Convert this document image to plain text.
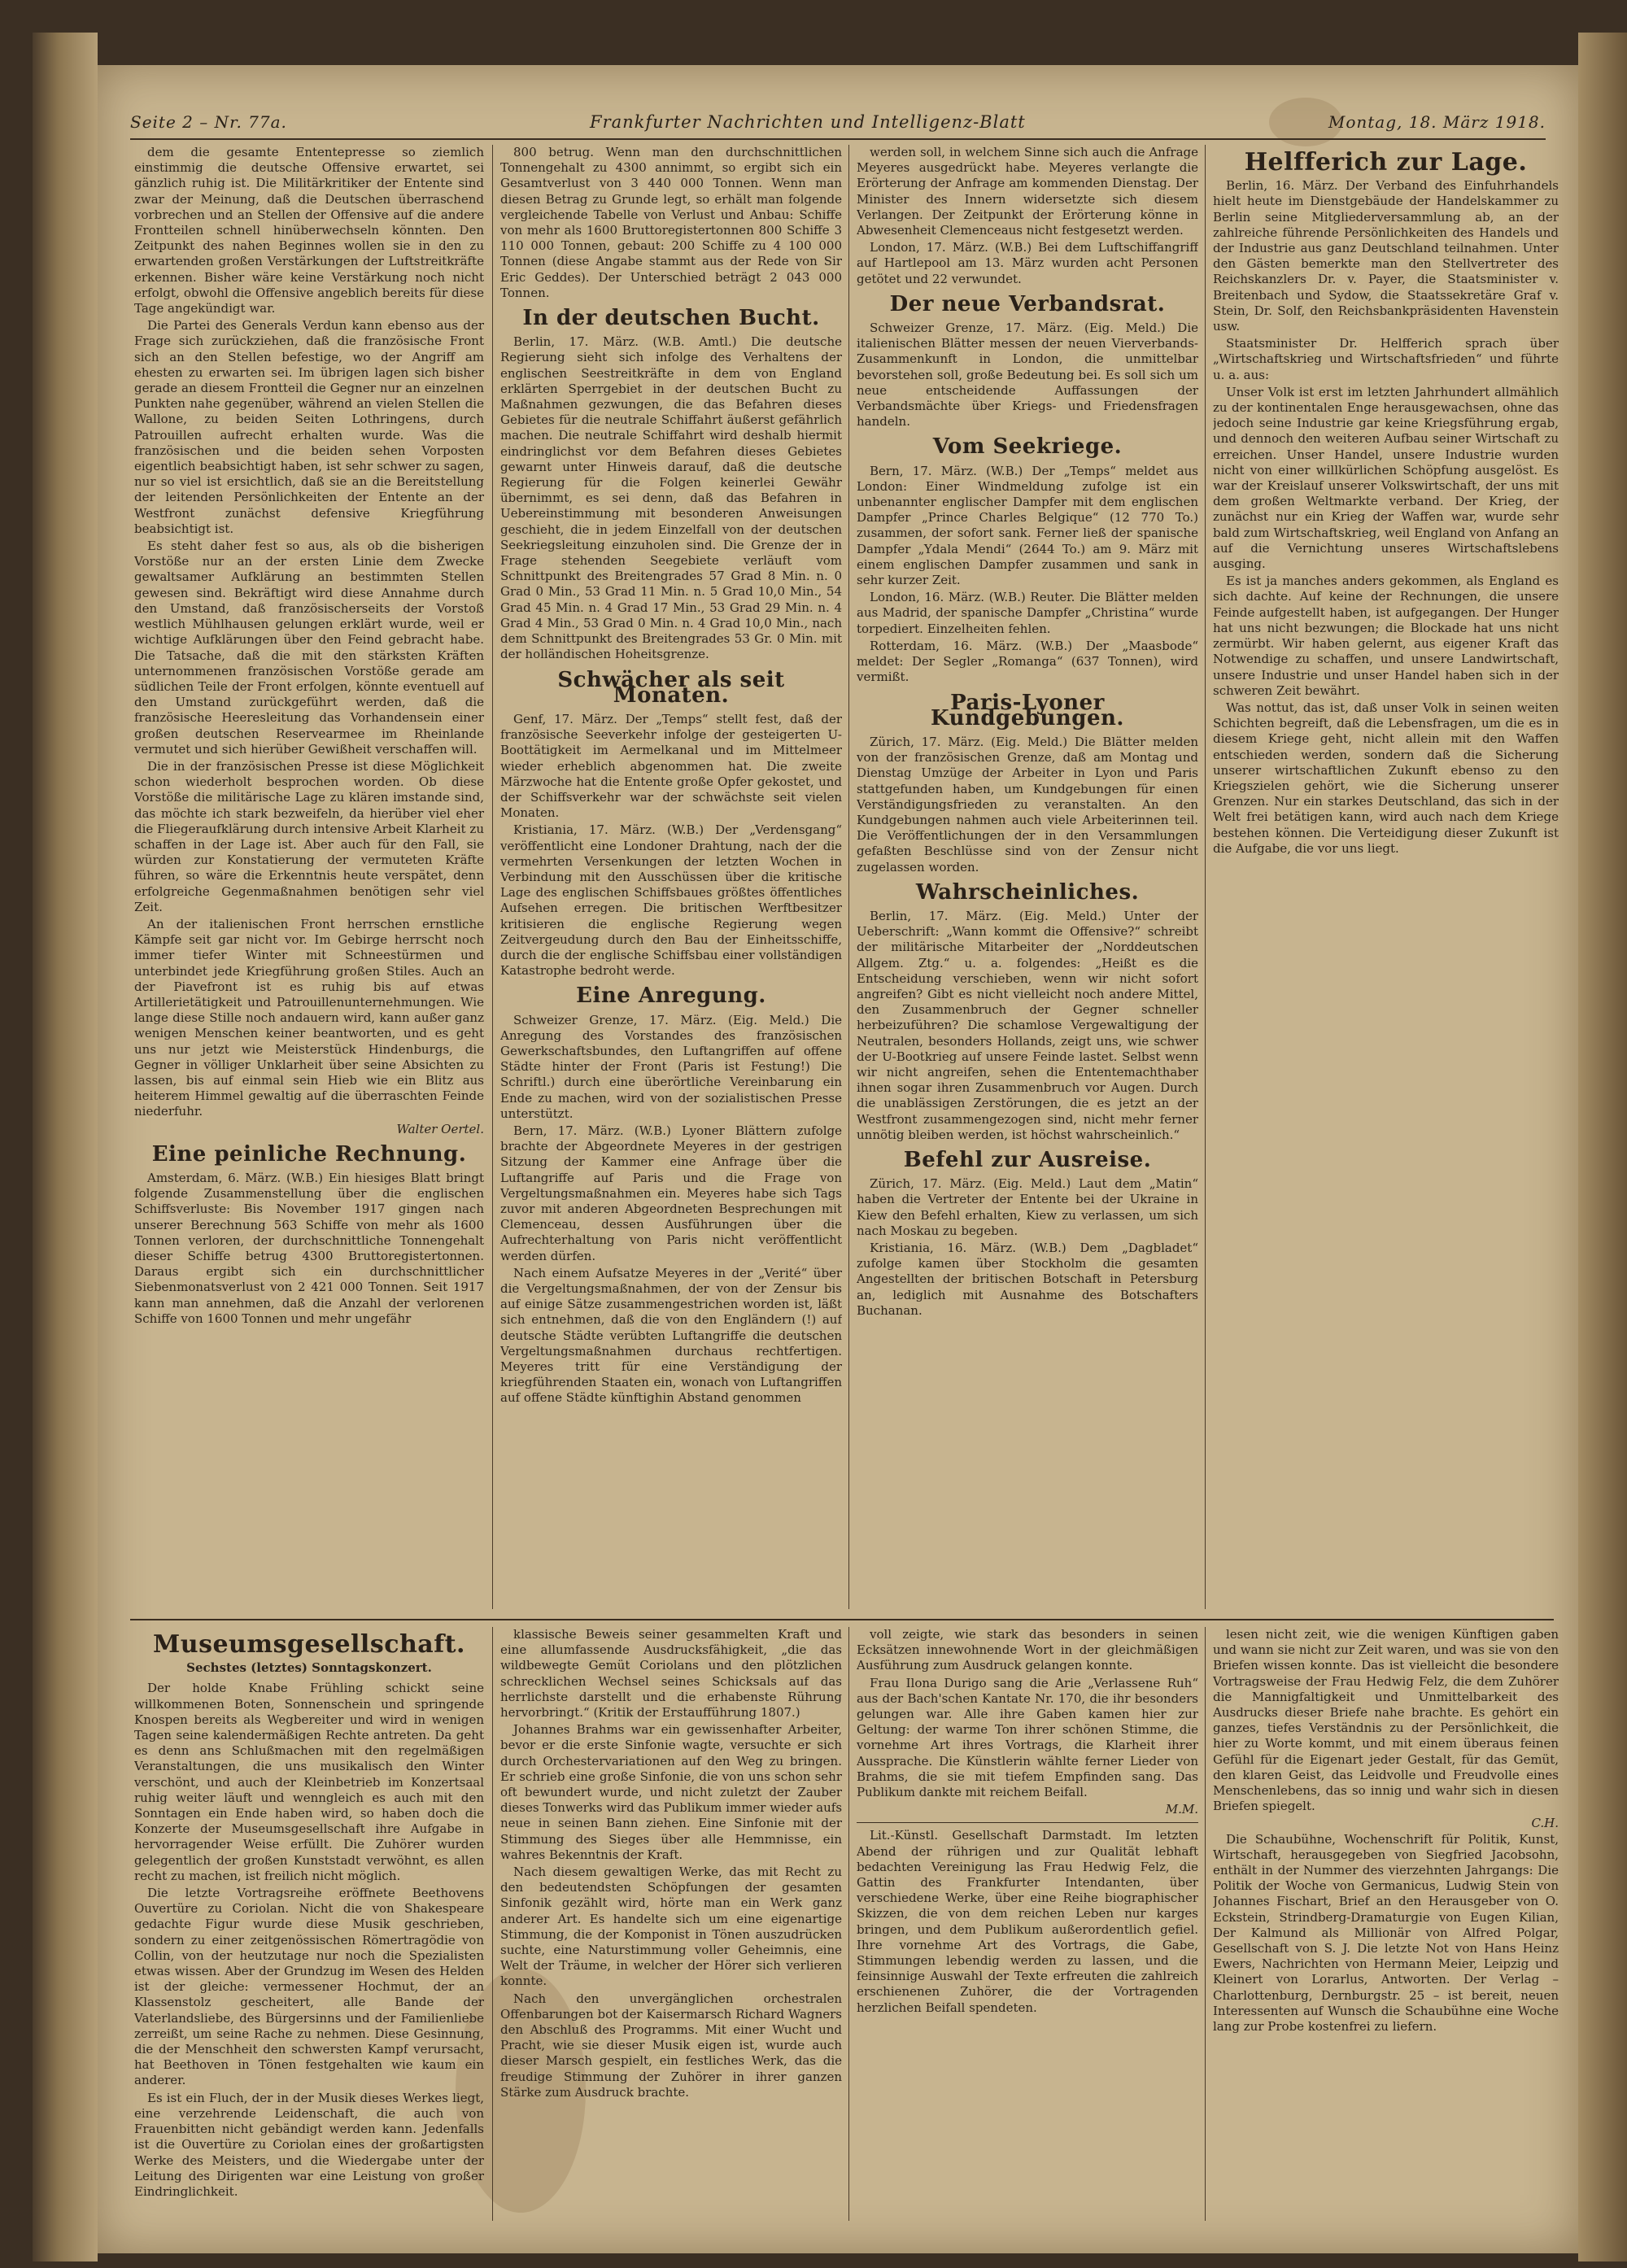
Seite 2 – Nr. 77a.	Frankfurter Nachrichten und Intelligenz-Blatt	Montag, 18. März 1918.

dem die gesamte Ententepresse so ziemlich einstimmig die deutsche Offensive erwartet, sei gänzlich ruhig ist. Die Militärkritiker der Entente sind zwar der Meinung, daß die Deutschen überraschend vorbrechen und an Stellen der Offensive auf die andere Frontteilen schnell hinüberwechseln könnten. Den Zeitpunkt des nahen Beginnes wollen sie in den zu erwartenden großen Verstärkungen der Luftstreitkräfte erkennen. Bisher wäre keine Verstärkung noch nicht erfolgt, obwohl die Offensive angeblich bereits für diese Tage angekündigt war.

Die Partei des Generals Verdun kann ebenso aus der Frage sich zurückziehen, daß die französische Front sich an den Stellen befestige, wo der Angriff am ehesten zu erwarten sei. Im übrigen lagen sich bisher gerade an diesem Frontteil die Gegner nur an einzelnen Punkten nahe gegenüber, während an vielen Stellen die Wallone, zu beiden Seiten Lothringens, durch Patrouillen aufrecht erhalten wurde. Was die französischen und die beiden sehen Vorposten eigentlich beabsichtigt haben, ist sehr schwer zu sagen, nur so viel ist ersichtlich, daß sie an die Bereitstellung der leitenden Persönlichkeiten der Entente an der Westfront zunächst defensive Kriegführung beabsichtigt ist.

Es steht daher fest so aus, als ob die bisherigen Vorstöße nur an der ersten Linie dem Zwecke gewaltsamer Aufklärung an bestimmten Stellen gewesen sind. Bekräftigt wird diese Annahme durch den Umstand, daß französischerseits der Vorstoß westlich Mühlhausen gelungen erklärt wurde, weil er wichtige Aufklärungen über den Feind gebracht habe. Die Tatsache, daß die mit den stärksten Kräften unternommenen französischen Vorstöße gerade am südlichen Teile der Front erfolgen, könnte eventuell auf den Umstand zurückgeführt werden, daß die französische Heeresleitung das Vorhandensein einer großen deutschen Reservearmee im Rheinlande vermutet und sich hierüber Gewißheit verschaffen will.

Die in der französischen Presse ist diese Möglichkeit schon wiederholt besprochen worden. Ob diese Vorstöße die militärische Lage zu klären imstande sind, das möchte ich stark bezweifeln, da hierüber viel eher die Fliegeraufklärung durch intensive Arbeit Klarheit zu schaffen in der Lage ist. Aber auch für den Fall, sie würden zur Konstatierung der vermuteten Kräfte führen, so wäre die Erkenntnis heute verspätet, denn erfolgreiche Gegenmaßnahmen benötigen sehr viel Zeit.

An der italienischen Front herrschen ernstliche Kämpfe seit gar nicht vor. Im Gebirge herrscht noch immer tiefer Winter mit Schneestürmen und unterbindet jede Kriegführung großen Stiles. Auch an der Piavefront ist es ruhig bis auf etwas Artillerietätigkeit und Patrouillenunternehmungen. Wie lange diese Stille noch andauern wird, kann außer ganz wenigen Menschen keiner beantworten, und es geht uns nur jetzt wie Meisterstück Hindenburgs, die Gegner in völliger Unklarheit über seine Absichten zu lassen, bis auf einmal sein Hieb wie ein Blitz aus heiterem Himmel gewaltig auf die überraschten Feinde niederfuhr.

Walter Oertel.
Eine peinliche Rechnung.

Amsterdam, 6. März. (W.B.) Ein hiesiges Blatt bringt folgende Zusammenstellung über die englischen Schiffsverluste: Bis November 1917 gingen nach unserer Berechnung 563 Schiffe von mehr als 1600 Tonnen verloren, der durchschnittliche Tonnengehalt dieser Schiffe betrug 4300 Bruttoregistertonnen. Daraus ergibt sich ein durchschnittlicher Siebenmonatsverlust von 2 421 000 Tonnen. Seit 1917 kann man annehmen, daß die Anzahl der verlorenen Schiffe von 1600 Tonnen und mehr ungefähr

800 betrug. Wenn man den durchschnittlichen Tonnengehalt zu 4300 annimmt, so ergibt sich ein Gesamtverlust von 3 440 000 Tonnen. Wenn man diesen Betrag zu Grunde legt, so erhält man folgende vergleichende Tabelle von Verlust und Anbau: Schiffe von mehr als 1600 Bruttoregistertonnen 800 Schiffe 3 110 000 Tonnen, gebaut: 200 Schiffe zu 4 100 000 Tonnen (diese Angabe stammt aus der Rede von Sir Eric Geddes). Der Unterschied beträgt 2 043 000 Tonnen.

In der deutschen Bucht.

Berlin, 17. März. (W.B. Amtl.) Die deutsche Regierung sieht sich infolge des Verhaltens der englischen Seestreitkräfte in dem von England erklärten Sperrgebiet in der deutschen Bucht zu Maßnahmen gezwungen, die das Befahren dieses Gebietes für die neutrale Schiffahrt äußerst gefährlich machen. Die neutrale Schiffahrt wird deshalb hiermit eindringlichst vor dem Befahren dieses Gebietes gewarnt unter Hinweis darauf, daß die deutsche Regierung für die Folgen keinerlei Gewähr übernimmt, es sei denn, daß das Befahren in Uebereinstimmung mit besonderen Anweisungen geschieht, die in jedem Einzelfall von der deutschen Seekriegsleitung einzuholen sind. Die Grenze der in Frage stehenden Seegebiete verläuft vom Schnittpunkt des Breitengrades 57 Grad 8 Min. n. 0 Grad 0 Min., 53 Grad 11 Min. n. 5 Grad 10,0 Min., 54 Grad 45 Min. n. 4 Grad 17 Min., 53 Grad 29 Min. n. 4 Grad 4 Min., 53 Grad 0 Min. n. 4 Grad 10,0 Min., nach dem Schnittpunkt des Breitengrades 53 Gr. 0 Min. mit der holländischen Hoheitsgrenze.

Schwächer als seit Monaten.

Genf, 17. März. Der „Temps“ stellt fest, daß der französische Seeverkehr infolge der gesteigerten U-Boottätigkeit im Aermelkanal und im Mittelmeer wieder erheblich abgenommen hat. Die zweite Märzwoche hat die Entente große Opfer gekostet, und der Schiffsverkehr war der schwächste seit vielen Monaten.

Kristiania, 17. März. (W.B.) Der „Verdensgang“ veröffentlicht eine Londoner Drahtung, nach der die vermehrten Versenkungen der letzten Wochen in Verbindung mit den Ausschüssen über die kritische Lage des englischen Schiffsbaues größtes öffentliches Aufsehen erregen. Die britischen Werftbesitzer kritisieren die englische Regierung wegen Zeitvergeudung durch den Bau der Einheitsschiffe, durch die der englische Schiffsbau einer vollständigen Katastrophe bedroht werde.

Eine Anregung.

Schweizer Grenze, 17. März. (Eig. Meld.) Die Anregung des Vorstandes des französischen Gewerkschaftsbundes, den Luftangriffen auf offene Städte hinter der Front (Paris ist Festung!) Die Schriftl.) durch eine überörtliche Vereinbarung ein Ende zu machen, wird von der sozialistischen Presse unterstützt.

Bern, 17. März. (W.B.) Lyoner Blättern zufolge brachte der Abgeordnete Meyeres in der gestrigen Sitzung der Kammer eine Anfrage über die Luftangriffe auf Paris und die Frage von Vergeltungsmaßnahmen ein. Meyeres habe sich Tags zuvor mit anderen Abgeordneten Besprechungen mit Clemenceau, dessen Ausführungen über die Aufrechterhaltung von Paris nicht veröffentlicht werden dürfen.

Nach einem Aufsatze Meyeres in der „Verité“ über die Vergeltungsmaßnahmen, der von der Zensur bis auf einige Sätze zusammengestrichen worden ist, läßt sich entnehmen, daß die von den Engländern (!) auf deutsche Städte verübten Luftangriffe die deutschen Vergeltungsmaßnahmen durchaus rechtfertigen. Meyeres tritt für eine Verständigung der kriegführenden Staaten ein, wonach von Luftangriffen auf offene Städte künftighin Abstand genommen

werden soll, in welchem Sinne sich auch die Anfrage Meyeres ausgedrückt habe. Meyeres verlangte die Erörterung der Anfrage am kommenden Dienstag. Der Minister des Innern widersetzte sich diesem Verlangen. Der Zeitpunkt der Erörterung könne in Abwesenheit Clemenceaus nicht festgesetzt werden.

London, 17. März. (W.B.) Bei dem Luftschiffangriff auf Hartlepool am 13. März wurden acht Personen getötet und 22 verwundet.

Der neue Verbandsrat.

Schweizer Grenze, 17. März. (Eig. Meld.) Die italienischen Blätter messen der neuen Vierverbands-Zusammenkunft in London, die unmittelbar bevorstehen soll, große Bedeutung bei. Es soll sich um neue entscheidende Auffassungen der Verbandsmächte über Kriegs- und Friedensfragen handeln.

Vom Seekriege.

Bern, 17. März. (W.B.) Der „Temps“ meldet aus London: Einer Windmeldung zufolge ist ein unbenannter englischer Dampfer mit dem englischen Dampfer „Prince Charles Belgique“ (12 770 To.) zusammen, der sofort sank. Ferner ließ der spanische Dampfer „Ydala Mendi“ (2644 To.) am 9. März mit einem englischen Dampfer zusammen und sank in sehr kurzer Zeit.

London, 16. März. (W.B.) Reuter. Die Blätter melden aus Madrid, der spanische Dampfer „Christina“ wurde torpediert. Einzelheiten fehlen.

Rotterdam, 16. März. (W.B.) Der „Maasbode“ meldet: Der Segler „Romanga“ (637 Tonnen), wird vermißt.

Paris-Lyoner Kundgebungen.

Zürich, 17. März. (Eig. Meld.) Die Blätter melden von der französischen Grenze, daß am Montag und Dienstag Umzüge der Arbeiter in Lyon und Paris stattgefunden haben, um Kundgebungen für einen Verständigungsfrieden zu veranstalten. An den Kundgebungen nahmen auch viele Arbeiterinnen teil. Die Veröffentlichungen der in den Versammlungen gefaßten Beschlüsse sind von der Zensur nicht zugelassen worden.

Wahrscheinliches.

Berlin, 17. März. (Eig. Meld.) Unter der Ueberschrift: „Wann kommt die Offensive?“ schreibt der militärische Mitarbeiter der „Norddeutschen Allgem. Ztg.“ u. a. folgendes: „Heißt es die Entscheidung verschieben, wenn wir nicht sofort angreifen? Gibt es nicht vielleicht noch andere Mittel, den Zusammenbruch der Gegner schneller herbeizuführen? Die schamlose Vergewaltigung der Neutralen, besonders Hollands, zeigt uns, wie schwer der U-Bootkrieg auf unsere Feinde lastet. Selbst wenn wir nicht angreifen, sehen die Ententemachthaber ihnen sogar ihren Zusammenbruch vor Augen. Durch die unablässigen Zerstörungen, die es jetzt an der Westfront zusammengezogen sind, nicht mehr ferner unnötig bleiben werden, ist höchst wahrscheinlich.“

Befehl zur Ausreise.

Zürich, 17. März. (Eig. Meld.) Laut dem „Matin“ haben die Vertreter der Entente bei der Ukraine in Kiew den Befehl erhalten, Kiew zu verlassen, um sich nach Moskau zu begeben.

Kristiania, 16. März. (W.B.) Dem „Dagbladet“ zufolge kamen über Stockholm die gesamten Angestellten der britischen Botschaft in Petersburg an, lediglich mit Ausnahme des Botschafters Buchanan.

Helfferich zur Lage.

Berlin, 16. März. Der Verband des Einfuhrhandels hielt heute im Dienstgebäude der Handelskammer zu Berlin seine Mitgliederversammlung ab, an der zahlreiche führende Persönlichkeiten des Handels und der Industrie aus ganz Deutschland teilnahmen. Unter den Gästen bemerkte man den Stellvertreter des Reichskanzlers Dr. v. Payer, die Staatsminister v. Breitenbach und Sydow, die Staatssekretäre Graf v. Stein, Dr. Solf, den Reichsbankpräsidenten Havenstein usw.

Staatsminister Dr. Helfferich sprach über „Wirtschaftskrieg und Wirtschaftsfrieden“ und führte u. a. aus:

Unser Volk ist erst im letzten Jahrhundert allmählich zu der kontinentalen Enge herausgewachsen, ohne das jedoch seine Industrie gar keine Kriegsführung ergab, und dennoch den weiteren Aufbau seiner Wirtschaft zu erreichen. Unser Handel, unsere Industrie wurden nicht von einer willkürlichen Schöpfung ausgelöst. Es war der Kreislauf unserer Volkswirtschaft, der uns mit dem großen Weltmarkte verband. Der Krieg, der zunächst nur ein Krieg der Waffen war, wurde sehr bald zum Wirtschaftskrieg, weil England von Anfang an auf die Vernichtung unseres Wirtschaftslebens ausging.

Es ist ja manches anders gekommen, als England es sich dachte. Auf keine der Rechnungen, die unsere Feinde aufgestellt haben, ist aufgegangen. Der Hunger hat uns nicht bezwungen; die Blockade hat uns nicht zermürbt. Wir haben gelernt, aus eigener Kraft das Notwendige zu schaffen, und unsere Landwirtschaft, unsere Industrie und unser Handel haben sich in der schweren Zeit bewährt.

Was nottut, das ist, daß unser Volk in seinen weiten Schichten begreift, daß die Lebensfragen, um die es in diesem Kriege geht, nicht allein mit den Waffen entschieden werden, sondern daß die Sicherung unserer wirtschaftlichen Zukunft ebenso zu den Kriegszielen gehört, wie die Sicherung unserer Grenzen. Nur ein starkes Deutschland, das sich in der Welt frei betätigen kann, wird auch nach dem Kriege bestehen können. Die Verteidigung dieser Zukunft ist die Aufgabe, die vor uns liegt.

Museumsgesellschaft.
Sechstes (letztes) Sonntagskonzert.

Der holde Knabe Frühling schickt seine willkommenen Boten, Sonnenschein und springende Knospen bereits als Wegbereiter und wird in wenigen Tagen seine kalendermäßigen Rechte antreten. Da geht es denn ans Schlußmachen mit den regelmäßigen Veranstaltungen, die uns musikalisch den Winter verschönt, und auch der Kleinbetrieb im Konzertsaal ruhig weiter läuft und wenngleich es auch mit den Sonntagen ein Ende haben wird, so haben doch die Konzerte der Museumsgesellschaft ihre Aufgabe in hervorragender Weise erfüllt. Die Zuhörer wurden gelegentlich der großen Kunststadt verwöhnt, es allen recht zu machen, ist freilich nicht möglich.

Die letzte Vortragsreihe eröffnete Beethovens Ouvertüre zu Coriolan. Nicht die von Shakespeare gedachte Figur wurde diese Musik geschrieben, sondern zu einer zeitgenössischen Römertragödie von Collin, von der heutzutage nur noch die Spezialisten etwas wissen. Aber der Grundzug im Wesen des Helden ist der gleiche: vermessener Hochmut, der an Klassenstolz gescheitert, alle Bande der Vaterlandsliebe, des Bürgersinns und der Familienliebe zerreißt, um seine Rache zu nehmen. Diese Gesinnung, die der Menschheit den schwersten Kampf verursacht, hat Beethoven in Tönen festgehalten wie kaum ein anderer.

Es ist ein Fluch, der in der Musik dieses Werkes liegt, eine verzehrende Leidenschaft, die auch von Frauenbitten nicht gebändigt werden kann. Jedenfalls ist die Ouvertüre zu Coriolan eines der großartigsten Werke des Meisters, und die Wiedergabe unter der Leitung des Dirigenten war eine Leistung von großer Eindringlichkeit.

klassische Beweis seiner gesammelten Kraft und eine allumfassende Ausdrucksfähigkeit, „die das wildbewegte Gemüt Coriolans und den plötzlichen schrecklichen Wechsel seines Schicksals auf das herrlichste darstellt und die erhabenste Rührung hervorbringt.“ (Kritik der Erstaufführung 1807.)

Johannes Brahms war ein gewissenhafter Arbeiter, bevor er die erste Sinfonie wagte, versuchte er sich durch Orchestervariationen auf den Weg zu bringen. Er schrieb eine große Sinfonie, die von uns schon sehr oft bewundert wurde, und nicht zuletzt der Zauber dieses Tonwerks wird das Publikum immer wieder aufs neue in seinen Bann ziehen. Eine Sinfonie mit der Stimmung des Sieges über alle Hemmnisse, ein wahres Bekenntnis der Kraft.

Nach diesem gewaltigen Werke, das mit Recht zu den bedeutendsten Schöpfungen der gesamten Sinfonik gezählt wird, hörte man ein Werk ganz anderer Art. Es handelte sich um eine eigenartige Stimmung, die der Komponist in Tönen auszudrücken suchte, eine Naturstimmung voller Geheimnis, eine Welt der Träume, in welcher der Hörer sich verlieren konnte.

Nach den unvergänglichen orchestralen Offenbarungen bot der Kaisermarsch Richard Wagners den Abschluß des Programms. Mit einer Wucht und Pracht, wie sie dieser Musik eigen ist, wurde auch dieser Marsch gespielt, ein festliches Werk, das die freudige Stimmung der Zuhörer in ihrer ganzen Stärke zum Ausdruck brachte.

voll zeigte, wie stark das besonders in seinen Ecksätzen innewohnende Wort in der gleichmäßigen Ausführung zum Ausdruck gelangen konnte.

Frau Ilona Durigo sang die Arie „Verlassene Ruh“ aus der Bach'schen Kantate Nr. 170, die ihr besonders gelungen war. Alle ihre Gaben kamen hier zur Geltung: der warme Ton ihrer schönen Stimme, die vornehme Art ihres Vortrags, die Klarheit ihrer Aussprache. Die Künstlerin wählte ferner Lieder von Brahms, die sie mit tiefem Empfinden sang. Das Publikum dankte mit reichem Beifall.

M.M.

Lit.-Künstl. Gesellschaft Darmstadt. Im letzten Abend der rührigen und zur Qualität lebhaft bedachten Vereinigung las Frau Hedwig Felz, die Gattin des Frankfurter Intendanten, über verschiedene Werke, über eine Reihe biographischer Skizzen, die von dem reichen Leben nur karges bringen, und dem Publikum außerordentlich gefiel. Ihre vornehme Art des Vortrags, die Gabe, Stimmungen lebendig werden zu lassen, und die feinsinnige Auswahl der Texte erfreuten die zahlreich erschienenen Zuhörer, die der Vortragenden herzlichen Beifall spendeten.

lesen nicht zeit, wie die wenigen Künftigen gaben und wann sie nicht zur Zeit waren, und was sie von den Briefen wissen konnte. Das ist vielleicht die besondere Vortragsweise der Frau Hedwig Felz, die dem Zuhörer die Mannigfaltigkeit und Unmittelbarkeit des Ausdrucks dieser Briefe nahe brachte. Es gehört ein ganzes, tiefes Verständnis zu der Persönlichkeit, die hier zu Worte kommt, und mit einem überaus feinen Gefühl für die Eigenart jeder Gestalt, für das Gemüt, den klaren Geist, das Leidvolle und Freudvolle eines Menschenlebens, das so innig und wahr sich in diesen Briefen spiegelt.

C.H.

Die Schaubühne, Wochenschrift für Politik, Kunst, Wirtschaft, herausgegeben von Siegfried Jacobsohn, enthält in der Nummer des vierzehnten Jahrgangs: Die Politik der Woche von Germanicus, Ludwig Stein von Johannes Fischart, Brief an den Herausgeber von O. Eckstein, Strindberg-Dramaturgie von Eugen Kilian, Der Kalmund als Millionär von Alfred Polgar, Gesellschaft von S. J. Die letzte Not von Hans Heinz Ewers, Nachrichten von Hermann Meier, Leipzig und Kleinert von Lorarlus, Antworten. Der Verlag – Charlottenburg, Dernburgstr. 25 – ist bereit, neuen Interessenten auf Wunsch die Schaubühne eine Woche lang zur Probe kostenfrei zu liefern.
